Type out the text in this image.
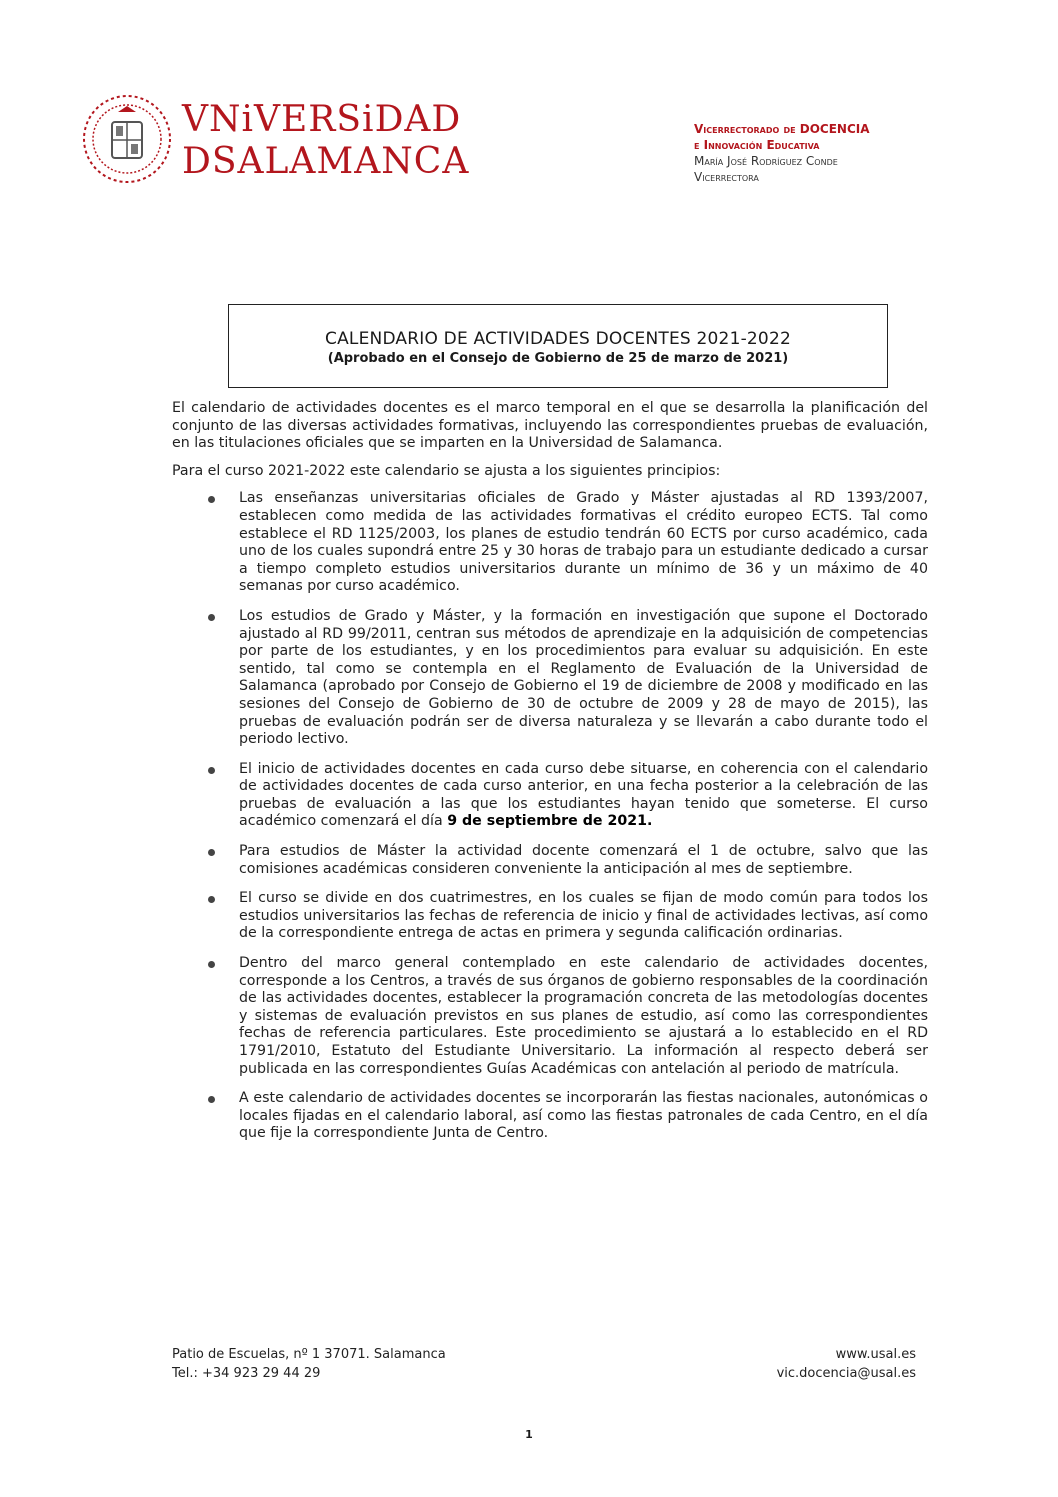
VNiVERSiDAD
DSALAMANCA
Vicerrectorado de DOCENCIA
e Innovación Educativa
María José Rodríguez Conde
Vicerrectora
CALENDARIO DE ACTIVIDADES DOCENTES 2021-2022
(Aprobado en el Consejo de Gobierno de 25 de marzo de 2021)

El calendario de actividades docentes es el marco temporal en el que se desarrolla la planificación del conjunto de las diversas actividades formativas, incluyendo las correspondientes pruebas de evaluación, en las titulaciones oficiales que se imparten en la Universidad de Salamanca.

Para el curso 2021-2022 este calendario se ajusta a los siguientes principios:

Las enseñanzas universitarias oficiales de Grado y Máster ajustadas al RD 1393/2007, establecen como medida de las actividades formativas el crédito europeo ECTS. Tal como establece el RD 1125/2003, los planes de estudio tendrán 60 ECTS por curso académico, cada uno de los cuales supondrá entre 25 y 30 horas de trabajo para un estudiante dedicado a cursar a tiempo completo estudios universitarios durante un mínimo de 36 y un máximo de 40 semanas por curso académico.
Los estudios de Grado y Máster, y la formación en investigación que supone el Doctorado ajustado al RD 99/2011, centran sus métodos de aprendizaje en la adquisición de competencias por parte de los estudiantes, y en los procedimientos para evaluar su adquisición. En este sentido, tal como se contempla en el Reglamento de Evaluación de la Universidad de Salamanca (aprobado por Consejo de Gobierno el 19 de diciembre de 2008 y modificado en las sesiones del Consejo de Gobierno de 30 de octubre de 2009 y 28 de mayo de 2015), las pruebas de evaluación podrán ser de diversa naturaleza y se llevarán a cabo durante todo el periodo lectivo.
El inicio de actividades docentes en cada curso debe situarse, en coherencia con el calendario de actividades docentes de cada curso anterior, en una fecha posterior a la celebración de las pruebas de evaluación a las que los estudiantes hayan tenido que someterse. El curso académico comenzará el día 9 de septiembre de 2021.
Para estudios de Máster la actividad docente comenzará el 1 de octubre, salvo que las comisiones académicas consideren conveniente la anticipación al mes de septiembre.
El curso se divide en dos cuatrimestres, en los cuales se fijan de modo común para todos los estudios universitarios las fechas de referencia de inicio y final de actividades lectivas, así como de la correspondiente entrega de actas en primera y segunda calificación ordinarias.
Dentro del marco general contemplado en este calendario de actividades docentes, corresponde a los Centros, a través de sus órganos de gobierno responsables de la coordinación de las actividades docentes, establecer la programación concreta de las metodologías docentes y sistemas de evaluación previstos en sus planes de estudio, así como las correspondientes fechas de referencia particulares. Este procedimiento se ajustará a lo establecido en el RD 1791/2010, Estatuto del Estudiante Universitario. La información al respecto deberá ser publicada en las correspondientes Guías Académicas con antelación al periodo de matrícula.
A este calendario de actividades docentes se incorporarán las fiestas nacionales, autonómicas o locales fijadas en el calendario laboral, así como las fiestas patronales de cada Centro, en el día que fije la correspondiente Junta de Centro.
Patio de Escuelas, nº 1 37071. Salamanca
Tel.: +34 923 29 44 29
www.usal.es
vic.docencia@usal.es
1
